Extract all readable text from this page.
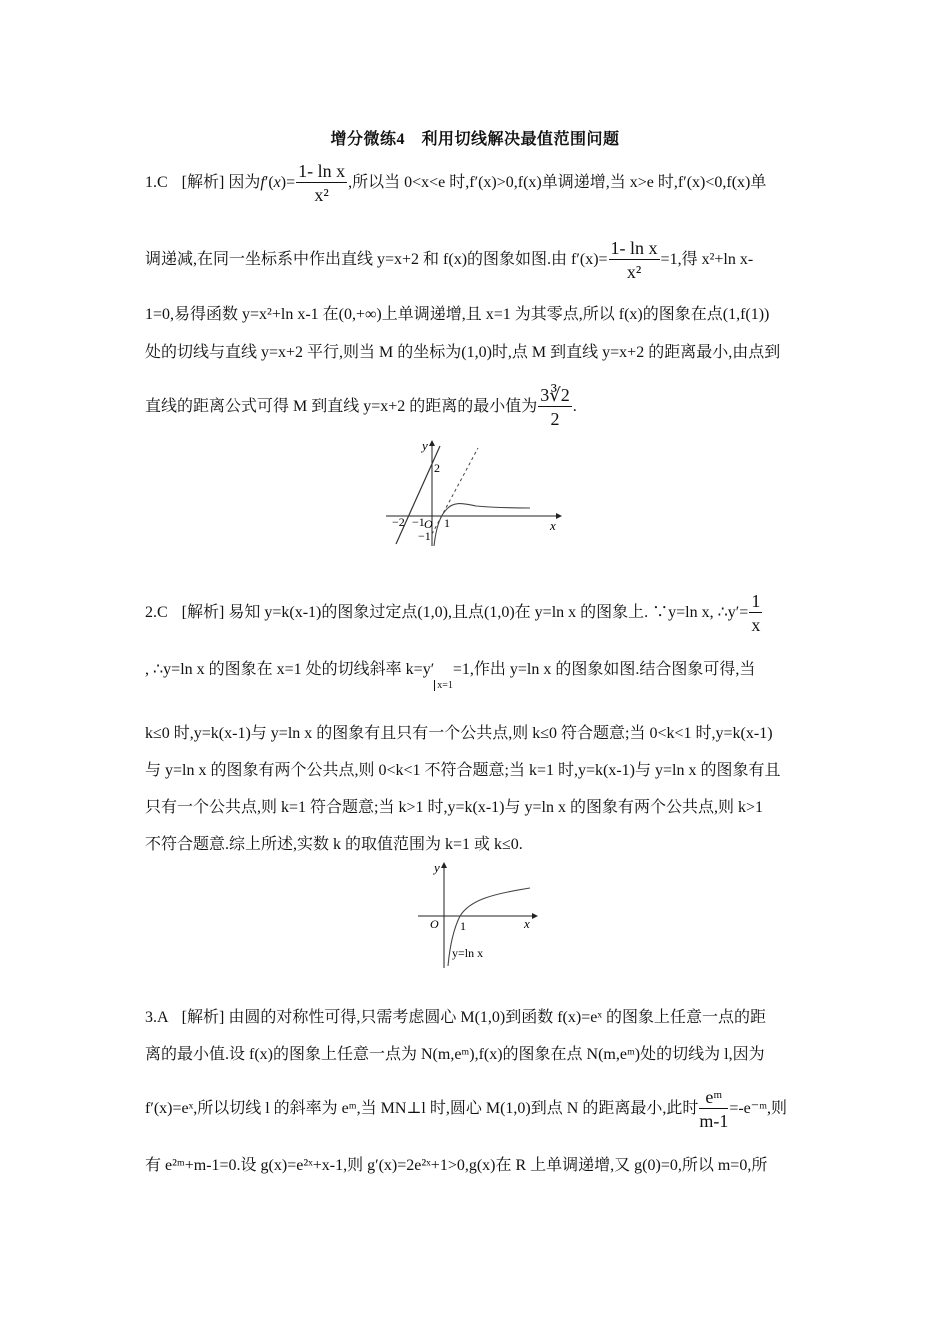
增分微练4　利用切线解决最值范围问题
1.C [解析] 因为$f'(x)= \frac{\text{1- ln x}}{\text{x²}}$ ,所以当 0<x<e 时,f′(x)>0,f(x)单调递增,当 x>e 时,f′(x)<0,f(x)单
调递减,在同一坐标系中作出直线 y=x+2 和 f(x)的图象如图.由 $f'(x)= \frac{\text{1- ln x}}{\text{x²}} =1$,得 x²+ln x-
1=0,易得函数 y=x²+ln x-1 在(0,+∞)上单调递增,且 x=1 为其零点,所以 f(x)的图象在点(1,f(1))
处的切线与直线 y=x+2 平行,则当 M 的坐标为(1,0)时,点 M 到直线 y=x+2 的距离最小,由点到
直线的距离公式可得 M 到直线 y=x+2 的距离的最小值为 $\frac{3∛2}{2}$ .
y
x
2
−2 −1 O 1
−1
2.C [解析] 易知 y=k(x-1)的图象过定点(1,0),且点(1,0)在 y=ln x 的图象上. ∵y=ln x, ∴y′= $\frac{1}{x}$
, ∴y=ln x 的图象在 x=1 处的切线斜率 $k=y'_{x=1}=1$,作出 y=ln x 的图象如图.结合图象可得,当
k≤0 时,y=k(x-1)与 y=ln x 的图象有且只有一个公共点,则 k≤0 符合题意;当 0<k<1 时,y=k(x-1)
与 y=ln x 的图象有两个公共点,则 0<k<1 不符合题意;当 k=1 时,y=k(x-1)与 y=ln x 的图象有且
只有一个公共点,则 k=1 符合题意;当 k>1 时,y=k(x-1)与 y=ln x 的图象有两个公共点,则 k>1
不符合题意.综上所述,实数 k 的取值范围为 k=1 或 k≤0.
y
x
O 1
y=ln x
3.A [解析] 由圆的对称性可得,只需考虑圆心 M(1,0)到函数 f(x)=eˣ 的图象上任意一点的距
离的最小值.设 f(x)的图象上任意一点为 N(m,eᵐ),f(x)的图象在点 N(m,eᵐ)处的切线为 l,因为
f′(x)=eˣ,所以切线 l 的斜率为 eᵐ,当 MN⊥l 时,圆心 M(1,0)到点 N 的距离最小,此时 $\frac{\text{eᵐ}}{m-1}$ =-e⁻ᵐ,则
有 e²ᵐ+m-1=0.设 g(x)=e²ˣ+x-1,则 g′(x)=2e²ˣ+1>0,g(x)在 R 上单调递增,又 g(0)=0,所以 m=0,所
